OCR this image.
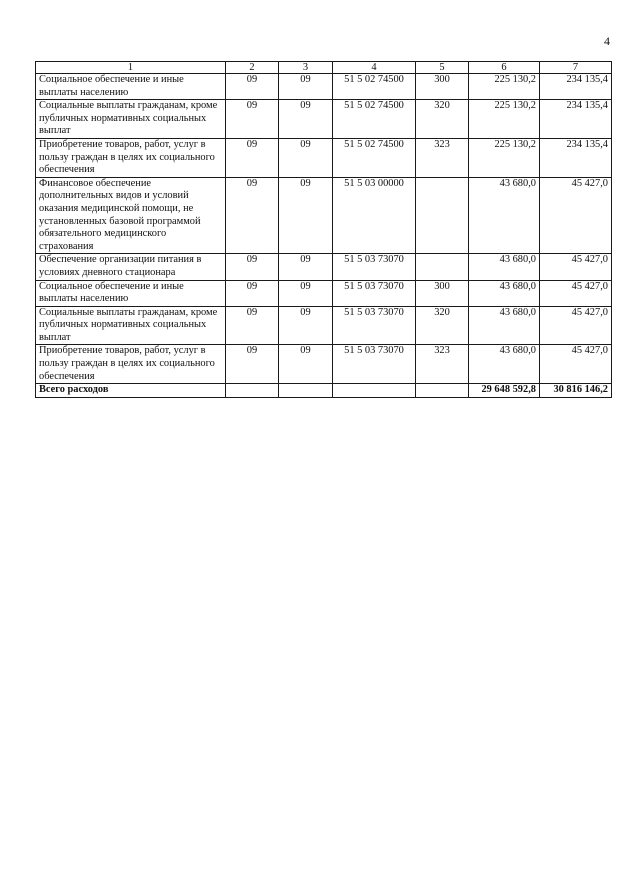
4
1	2	3	4	5	6	7
Социальное обеспечение и иные выплаты населению	09	09	51 5 02 74500	300	225 130,2	234 135,4
Социальные выплаты гражданам, кроме публичных нормативных социальных выплат	09	09	51 5 02 74500	320	225 130,2	234 135,4
Приобретение товаров, работ, услуг в пользу граждан в целях их социального обеспечения	09	09	51 5 02 74500	323	225 130,2	234 135,4
Финансовое обеспечение дополнительных видов и условий оказания медицинской помощи, не установленных базовой программой обязательного медицинского страхования	09	09	51 5 03 00000		43 680,0	45 427,0
Обеспечение организации питания в условиях дневного стационара	09	09	51 5 03 73070		43 680,0	45 427,0
Социальное обеспечение и иные выплаты населению	09	09	51 5 03 73070	300	43 680,0	45 427,0
Социальные выплаты гражданам, кроме публичных нормативных социальных выплат	09	09	51 5 03 73070	320	43 680,0	45 427,0
Приобретение товаров, работ, услуг в пользу граждан в целях их социального обеспечения	09	09	51 5 03 73070	323	43 680,0	45 427,0
Всего расходов					29 648 592,8	30 816 146,2
